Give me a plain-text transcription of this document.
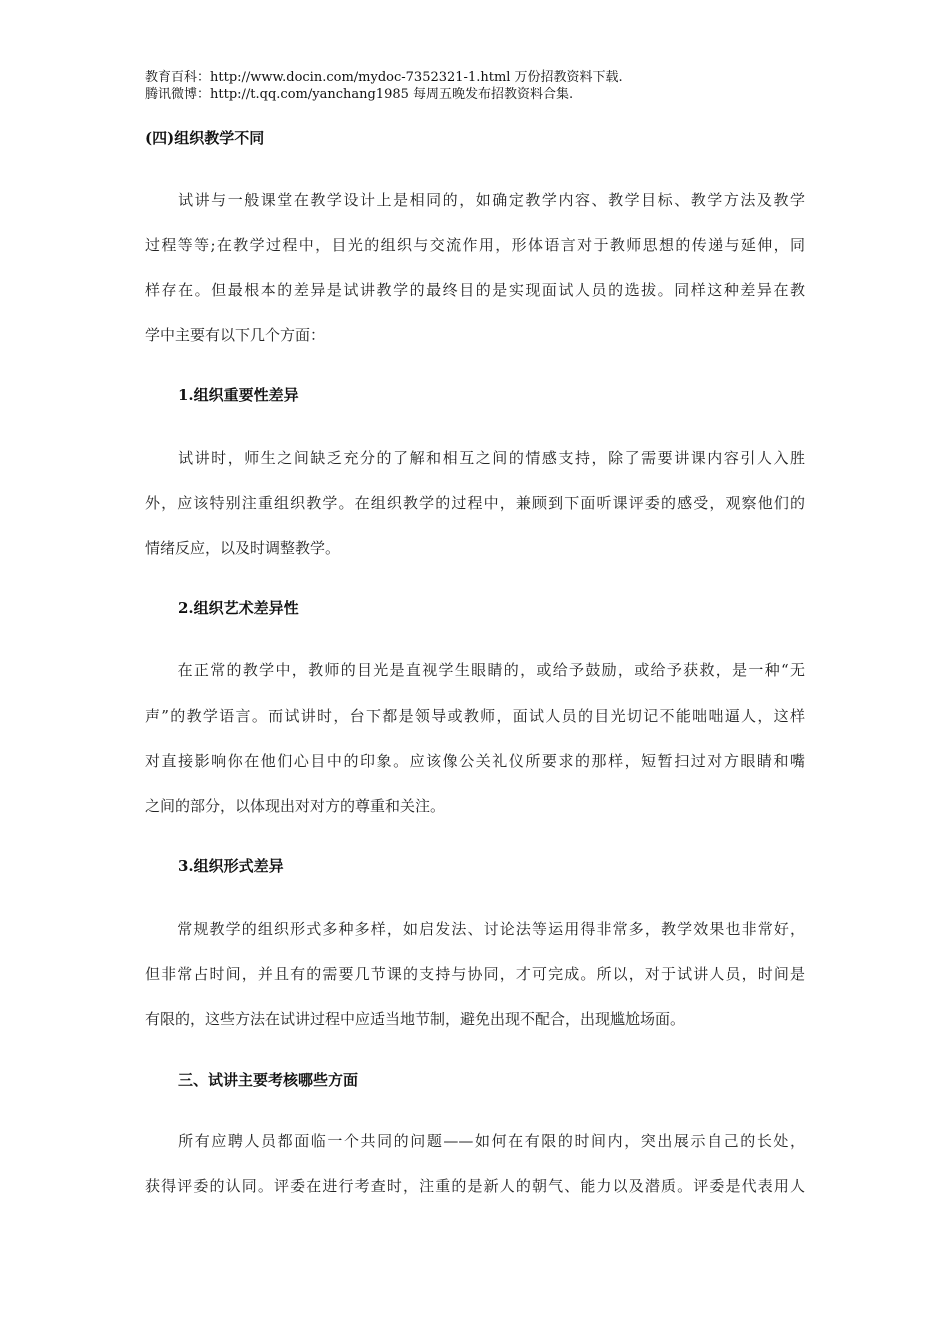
教育百科：http://www.docin.com/mydoc-7352321-1.html 万份招教资料下载.
腾讯微博：http://t.qq.com/yanchang1985 每周五晚发布招教资料合集.
(四)组织教学不同
　　试讲与一般课堂在教学设计上是相同的，如确定教学内容、教学目标、教学方法及教学
过程等等;在教学过程中，目光的组织与交流作用，形体语言对于教师思想的传递与延伸，同
样存在。但最根本的差异是试讲教学的最终目的是实现面试人员的选拔。同样这种差异在教
学中主要有以下几个方面：
1.组织重要性差异
　　试讲时，师生之间缺乏充分的了解和相互之间的情感支持，除了需要讲课内容引人入胜
外，应该特别注重组织教学。在组织教学的过程中，兼顾到下面听课评委的感受，观察他们的
情绪反应，以及时调整教学。
2.组织艺术差异性
　　在正常的教学中，教师的目光是直视学生眼睛的，或给予鼓励，或给予获救，是一种“无
声”的教学语言。而试讲时，台下都是领导或教师，面试人员的目光切记不能咄咄逼人，这样
对直接影响你在他们心目中的印象。应该像公关礼仪所要求的那样，短暂扫过对方眼睛和嘴
之间的部分，以体现出对对方的尊重和关注。
3.组织形式差异
　　常规教学的组织形式多种多样，如启发法、讨论法等运用得非常多，教学效果也非常好，
但非常占时间，并且有的需要几节课的支持与协同，才可完成。所以，对于试讲人员，时间是
有限的，这些方法在试讲过程中应适当地节制，避免出现不配合，出现尴尬场面。
三、试讲主要考核哪些方面
　　所有应聘人员都面临一个共同的问题——如何在有限的时间内，突出展示自己的长处，
获得评委的认同。评委在进行考查时，注重的是新人的朝气、能力以及潜质。评委是代表用人
